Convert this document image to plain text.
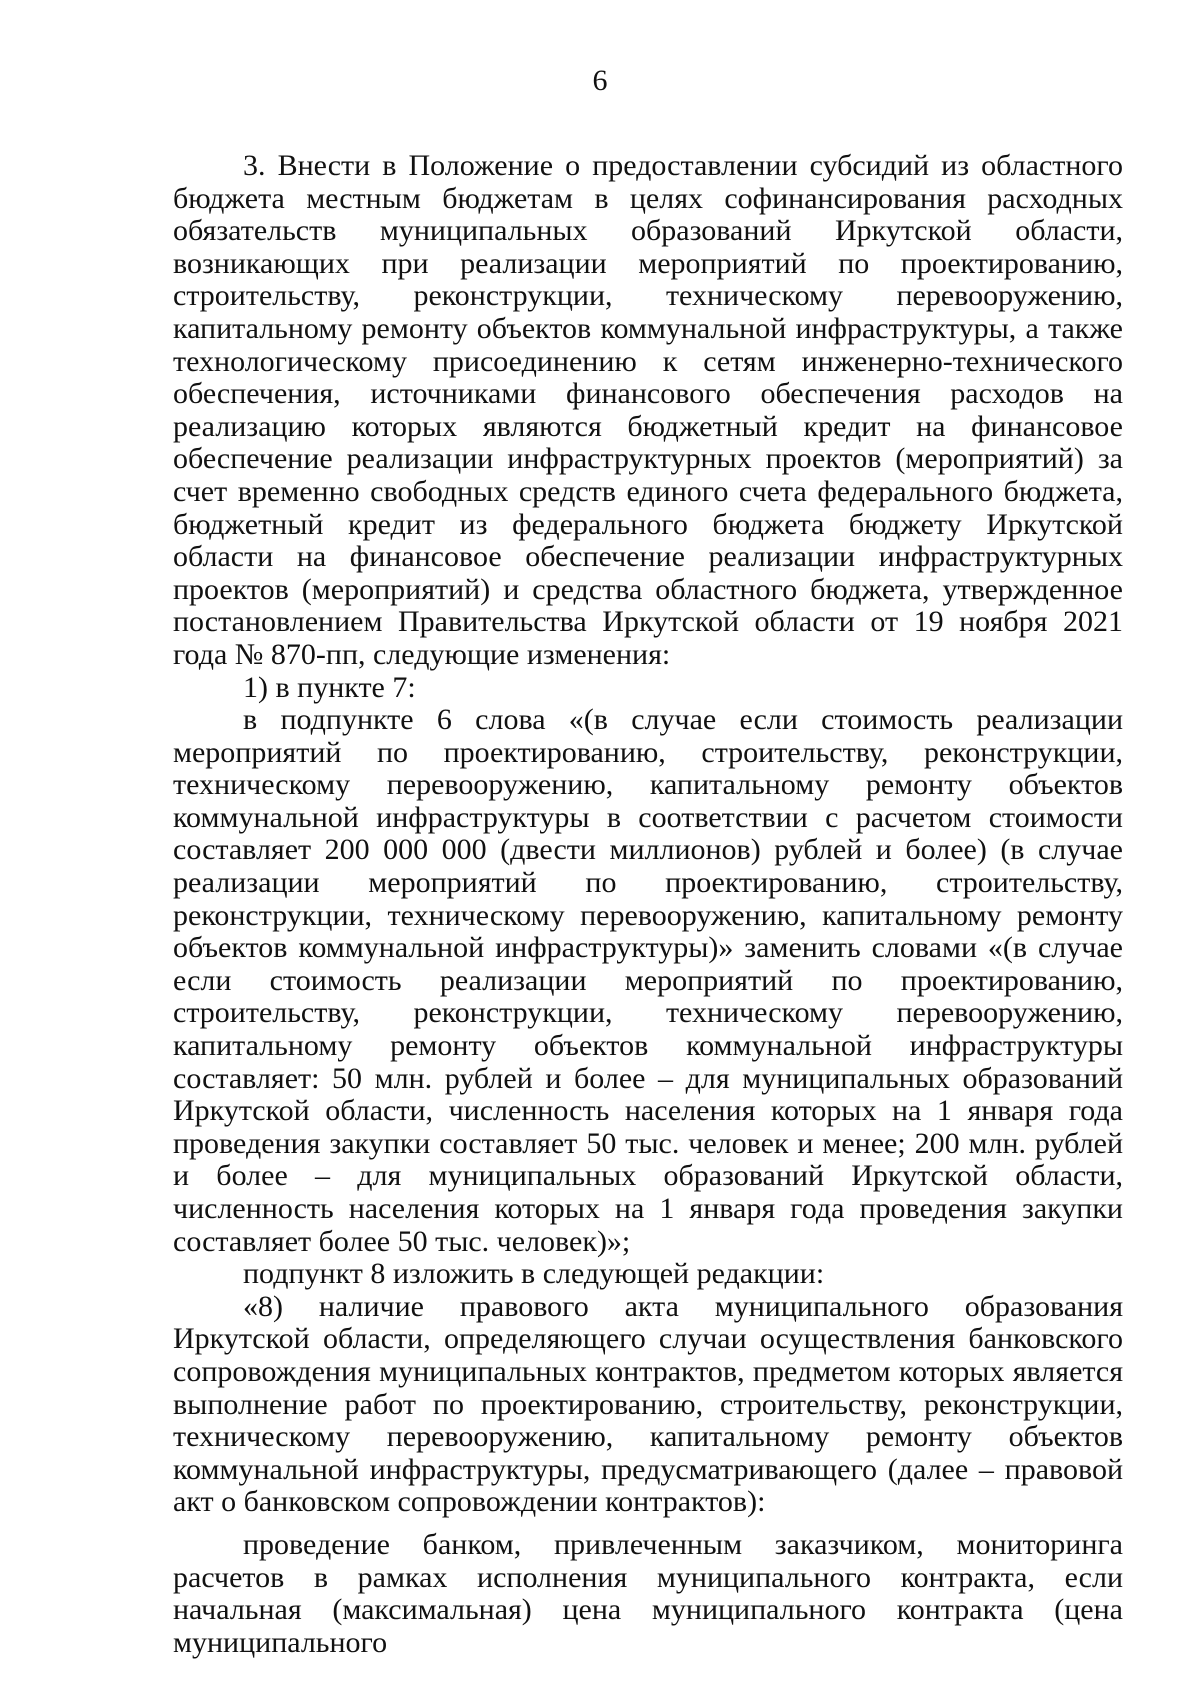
6

3. Внести в Положение о предоставлении субсидий из областного бюджета местным бюджетам в целях софинансирования расходных обязательств муниципальных образований Иркутской области, возникающих при реализации мероприятий по проектированию, строительству, реконструкции, техническому перевооружению, капитальному ремонту объектов коммунальной инфраструктуры, а также технологическому присоединению к сетям инженерно-технического обеспечения, источниками финансового обеспечения расходов на реализацию которых являются бюджетный кредит на финансовое обеспечение реализации инфраструктурных проектов (мероприятий) за счет временно свободных средств единого счета федерального бюджета, бюджетный кредит из федерального бюджета бюджету Иркутской области на финансовое обеспечение реализации инфраструктурных проектов (мероприятий) и средства областного бюджета, утвержденное постановлением Правительства Иркутской области от 19 ноября 2021 года № 870-пп, следующие изменения:

1) в пункте 7:

в подпункте 6 слова «(в случае если стоимость реализации мероприятий по проектированию, строительству, реконструкции, техническому перевооружению, капитальному ремонту объектов коммунальной инфраструктуры в соответствии с расчетом стоимости составляет 200 000 000 (двести миллионов) рублей и более) (в случае реализации мероприятий по проектированию, строительству, реконструкции, техническому перевооружению, капитальному ремонту объектов коммунальной инфраструктуры)» заменить словами «(в случае если стоимость реализации мероприятий по проектированию, строительству, реконструкции, техническому перевооружению, капитальному ремонту объектов коммунальной инфраструктуры составляет: 50 млн. рублей и более – для муниципальных образований Иркутской области, численность населения которых на 1 января года проведения закупки составляет 50 тыс. человек и менее; 200 млн. рублей и более – для муниципальных образований Иркутской области, численность населения которых на 1 января года проведения закупки составляет более 50 тыс. человек)»;

подпункт 8 изложить в следующей редакции:

«8) наличие правового акта муниципального образования Иркутской области, определяющего случаи осуществления банковского сопровождения муниципальных контрактов, предметом которых является выполнение работ по проектированию, строительству, реконструкции, техническому перевооружению, капитальному ремонту объектов коммунальной инфраструктуры, предусматривающего (далее – правовой акт о банковском сопровождении контрактов):

проведение банком, привлеченным заказчиком, мониторинга расчетов в рамках исполнения муниципального контракта, если начальная (максимальная) цена муниципального контракта (цена муниципального
